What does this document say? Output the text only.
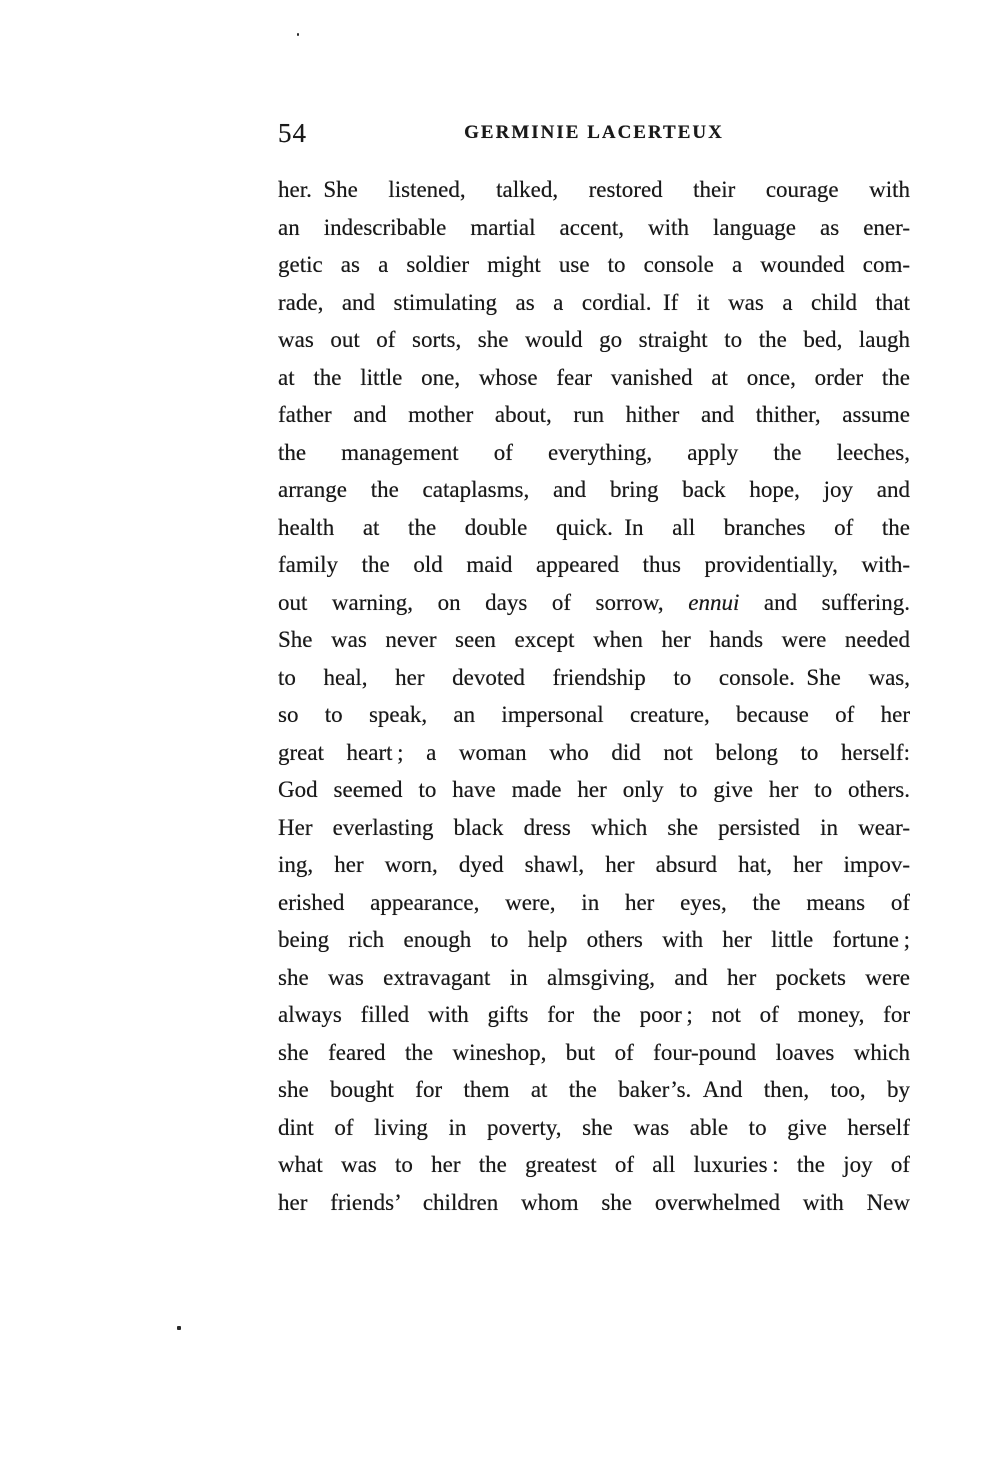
54	GERMINIE LACERTEUX
her. She listened, talked, restored their courage with
an indescribable martial accent, with language as ener-
getic as a soldier might use to console a wounded com-
rade, and stimulating as a cordial. If it was a child that
was out of sorts, she would go straight to the bed, laugh
at the little one, whose fear vanished at once, order the
father and mother about, run hither and thither, assume
the management of everything, apply the leeches,
arrange the cataplasms, and bring back hope, joy and
health at the double quick. In all branches of the
family the old maid appeared thus providentially, with-
out warning, on days of sorrow, ennui and suffering.
She was never seen except when her hands were needed
to heal, her devoted friendship to console. She was,
so to speak, an impersonal creature, because of her
great heart ; a woman who did not belong to herself:
God seemed to have made her only to give her to others.
Her everlasting black dress which she persisted in wear-
ing, her worn, dyed shawl, her absurd hat, her impov-
erished appearance, were, in her eyes, the means of
being rich enough to help others with her little fortune ;
she was extravagant in almsgiving, and her pockets were
always filled with gifts for the poor ; not of money, for
she feared the wineshop, but of four-pound loaves which
she bought for them at the baker’s. And then, too, by
dint of living in poverty, she was able to give herself
what was to her the greatest of all luxuries : the joy of
her friends’ children whom she overwhelmed with New
